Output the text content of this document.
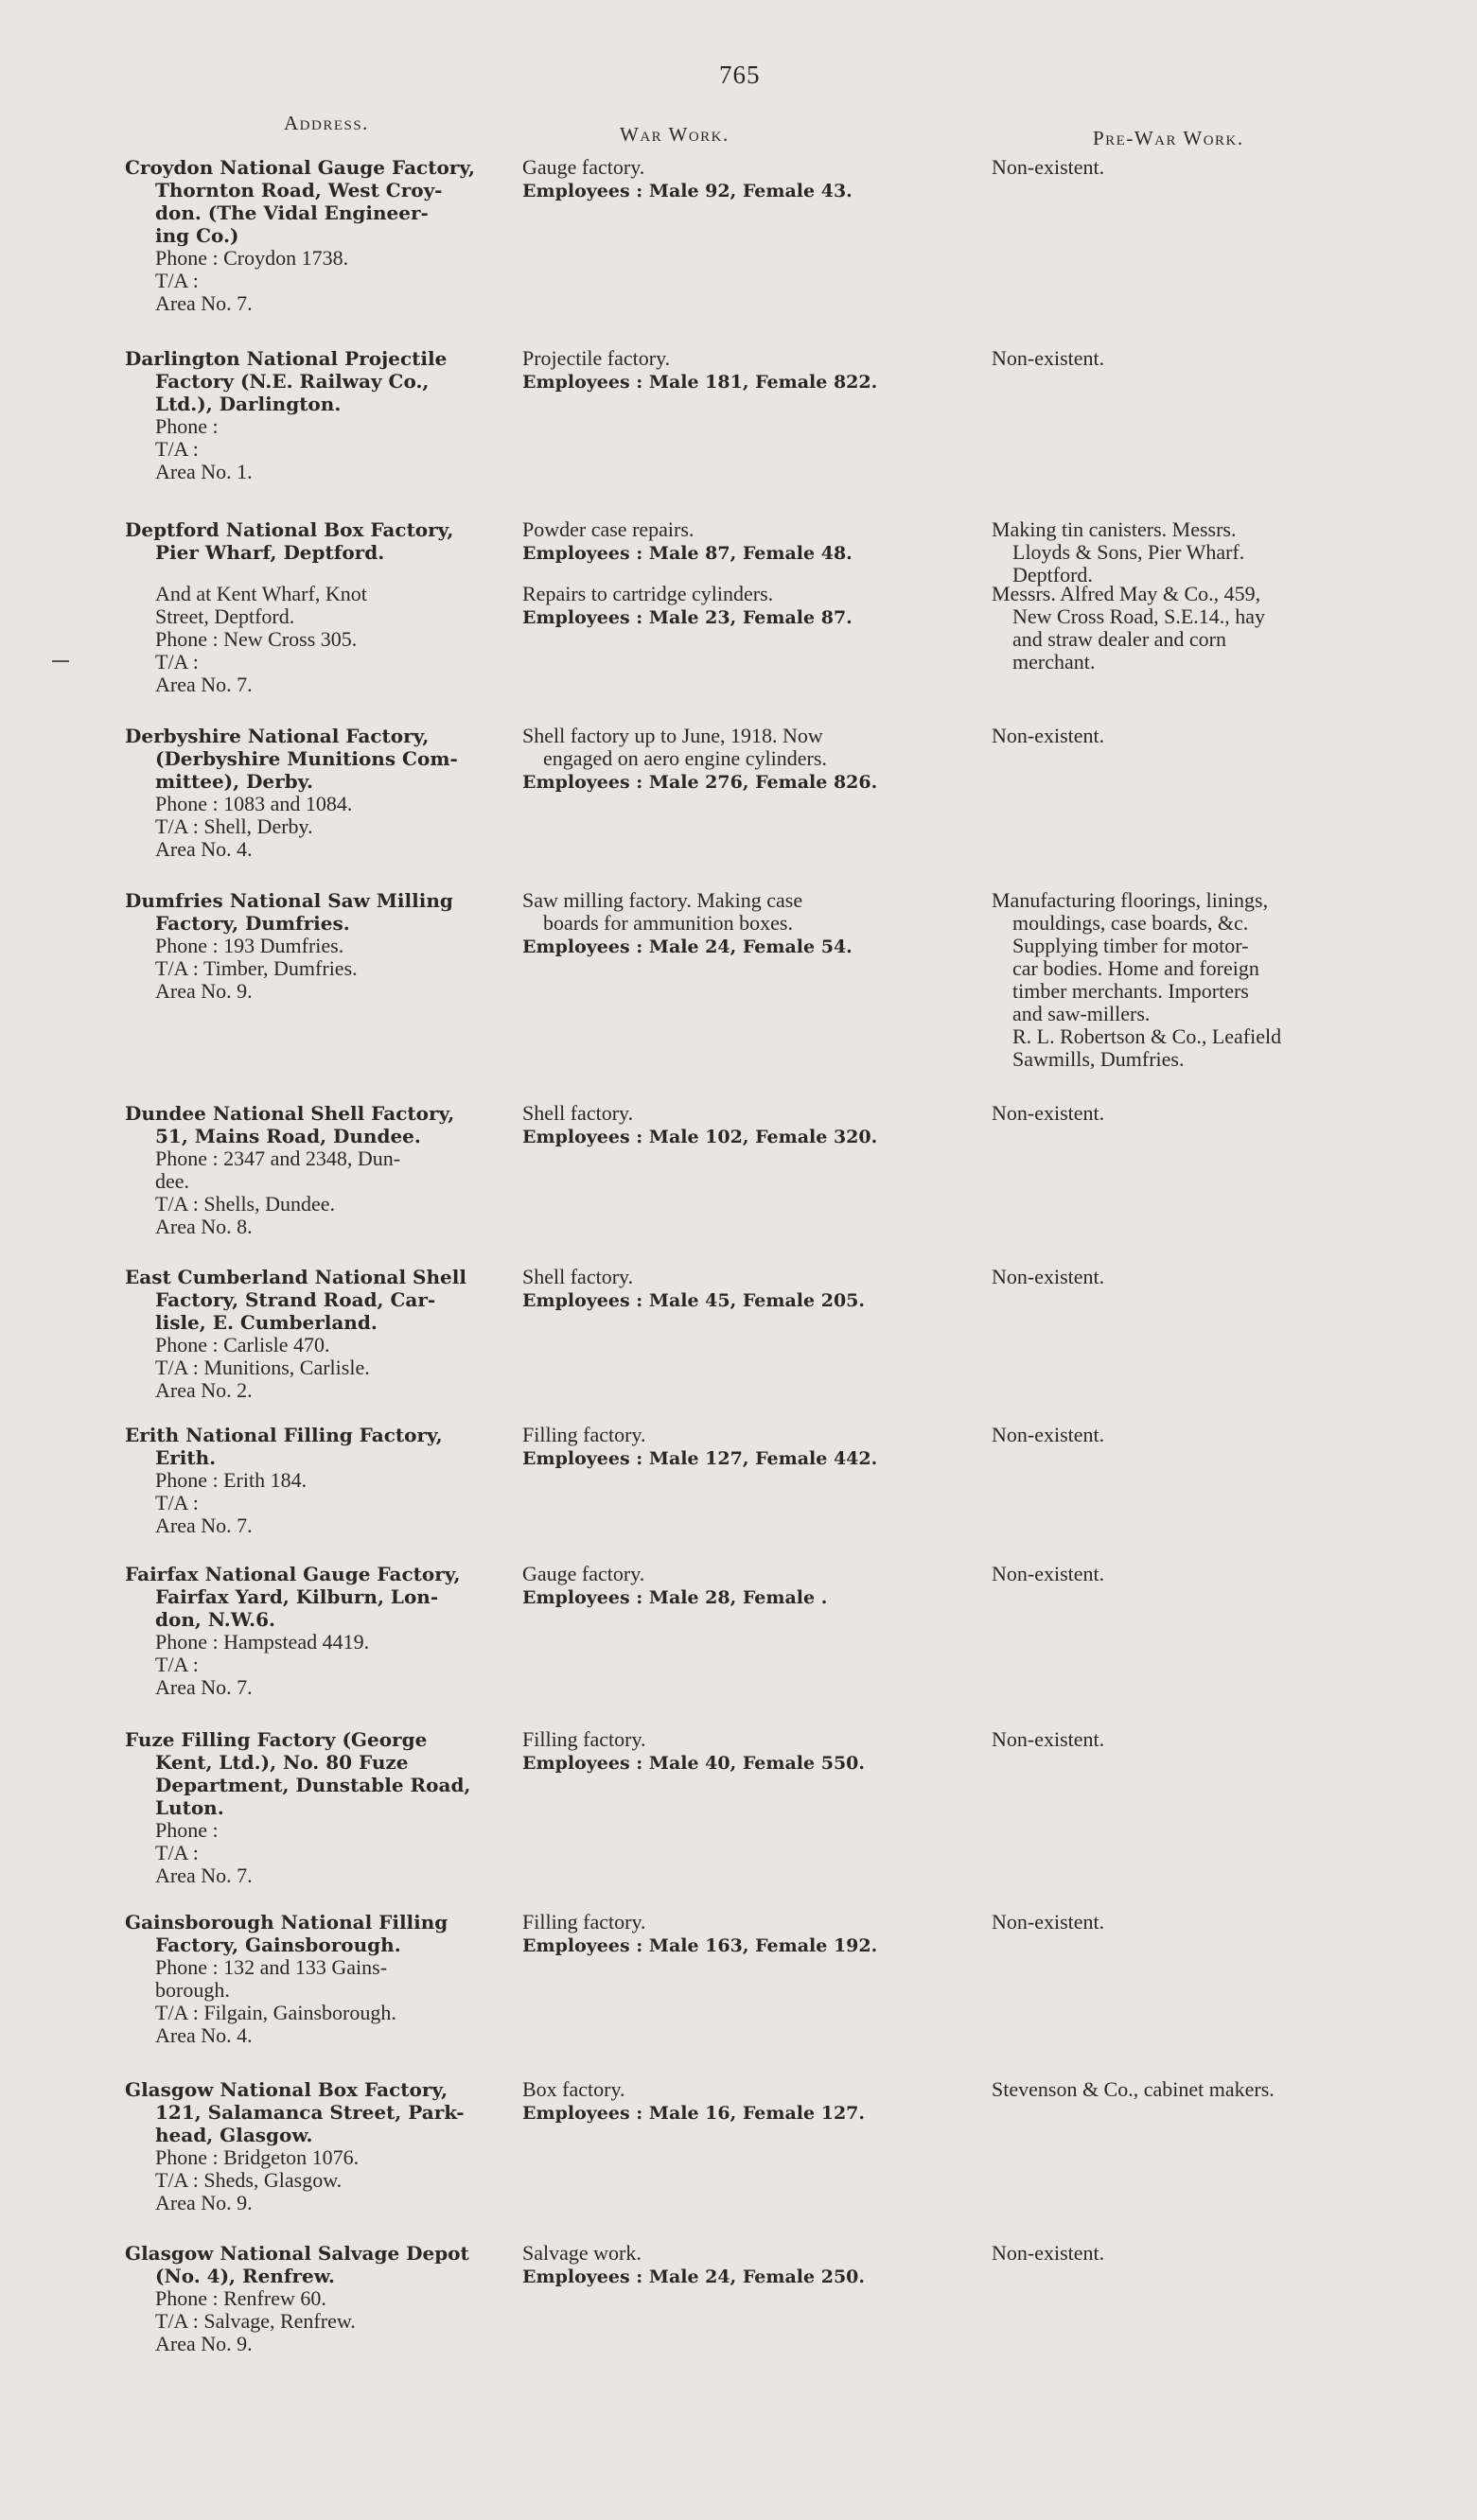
765
Address.	War Work.	Pre-War Work.
Croydon National Gauge Factory,
Thornton Road, West Croy-
don. (The Vidal Engineer-
ing Co.)
Phone : Croydon 1738.
T/A :
Area No. 7.
Gauge factory.
Employees : Male 92, Female 43.
Non-existent.
Darlington National Projectile
Factory (N.E. Railway Co.,
Ltd.), Darlington.
Phone :
T/A :
Area No. 1.
Projectile factory.
Employees : Male 181, Female 822.
Non-existent.
Deptford National Box Factory,
Pier Wharf, Deptford.
Powder case repairs.
Employees : Male 87, Female 48.
Making tin canisters. Messrs.
Lloyds & Sons, Pier Wharf.
Deptford.
And at Kent Wharf, Knot
Street, Deptford.
Phone : New Cross 305.
T/A :
Area No. 7.
Repairs to cartridge cylinders.
Employees : Male 23, Female 87.
Messrs. Alfred May & Co., 459,
New Cross Road, S.E.14., hay
and straw dealer and corn
merchant.
Derbyshire National Factory,
(Derbyshire Munitions Com-
mittee), Derby.
Phone : 1083 and 1084.
T/A : Shell, Derby.
Area No. 4.
Shell factory up to June, 1918. Now
engaged on aero engine cylinders.
Employees : Male 276, Female 826.
Non-existent.
Dumfries National Saw Milling
Factory, Dumfries.
Phone : 193 Dumfries.
T/A : Timber, Dumfries.
Area No. 9.
Saw milling factory. Making case
boards for ammunition boxes.
Employees : Male 24, Female 54.
Manufacturing floorings, linings,
mouldings, case boards, &c.
Supplying timber for motor-
car bodies. Home and foreign
timber merchants. Importers
and saw-millers.
R. L. Robertson & Co., Leafield
Sawmills, Dumfries.
Dundee National Shell Factory,
51, Mains Road, Dundee.
Phone : 2347 and 2348, Dun-
dee.
T/A : Shells, Dundee.
Area No. 8.
Shell factory.
Employees : Male 102, Female 320.
Non-existent.
East Cumberland National Shell
Factory, Strand Road, Car-
lisle, E. Cumberland.
Phone : Carlisle 470.
T/A : Munitions, Carlisle.
Area No. 2.
Shell factory.
Employees : Male 45, Female 205.
Non-existent.
Erith National Filling Factory,
Erith.
Phone : Erith 184.
T/A :
Area No. 7.
Filling factory.
Employees : Male 127, Female 442.
Non-existent.
Fairfax National Gauge Factory,
Fairfax Yard, Kilburn, Lon-
don, N.W.6.
Phone : Hampstead 4419.
T/A :
Area No. 7.
Gauge factory.
Employees : Male 28, Female .
Non-existent.
Fuze Filling Factory (George
Kent, Ltd.), No. 80 Fuze
Department, Dunstable Road,
Luton.
Phone :
T/A :
Area No. 7.
Filling factory.
Employees : Male 40, Female 550.
Non-existent.
Gainsborough National Filling
Factory, Gainsborough.
Phone : 132 and 133 Gains-
borough.
T/A : Filgain, Gainsborough.
Area No. 4.
Filling factory.
Employees : Male 163, Female 192.
Non-existent.
Glasgow National Box Factory,
121, Salamanca Street, Park-
head, Glasgow.
Phone : Bridgeton 1076.
T/A : Sheds, Glasgow.
Area No. 9.
Box factory.
Employees : Male 16, Female 127.
Stevenson & Co., cabinet makers.
Glasgow National Salvage Depot
(No. 4), Renfrew.
Phone : Renfrew 60.
T/A : Salvage, Renfrew.
Area No. 9.
Salvage work.
Employees : Male 24, Female 250.
Non-existent.
